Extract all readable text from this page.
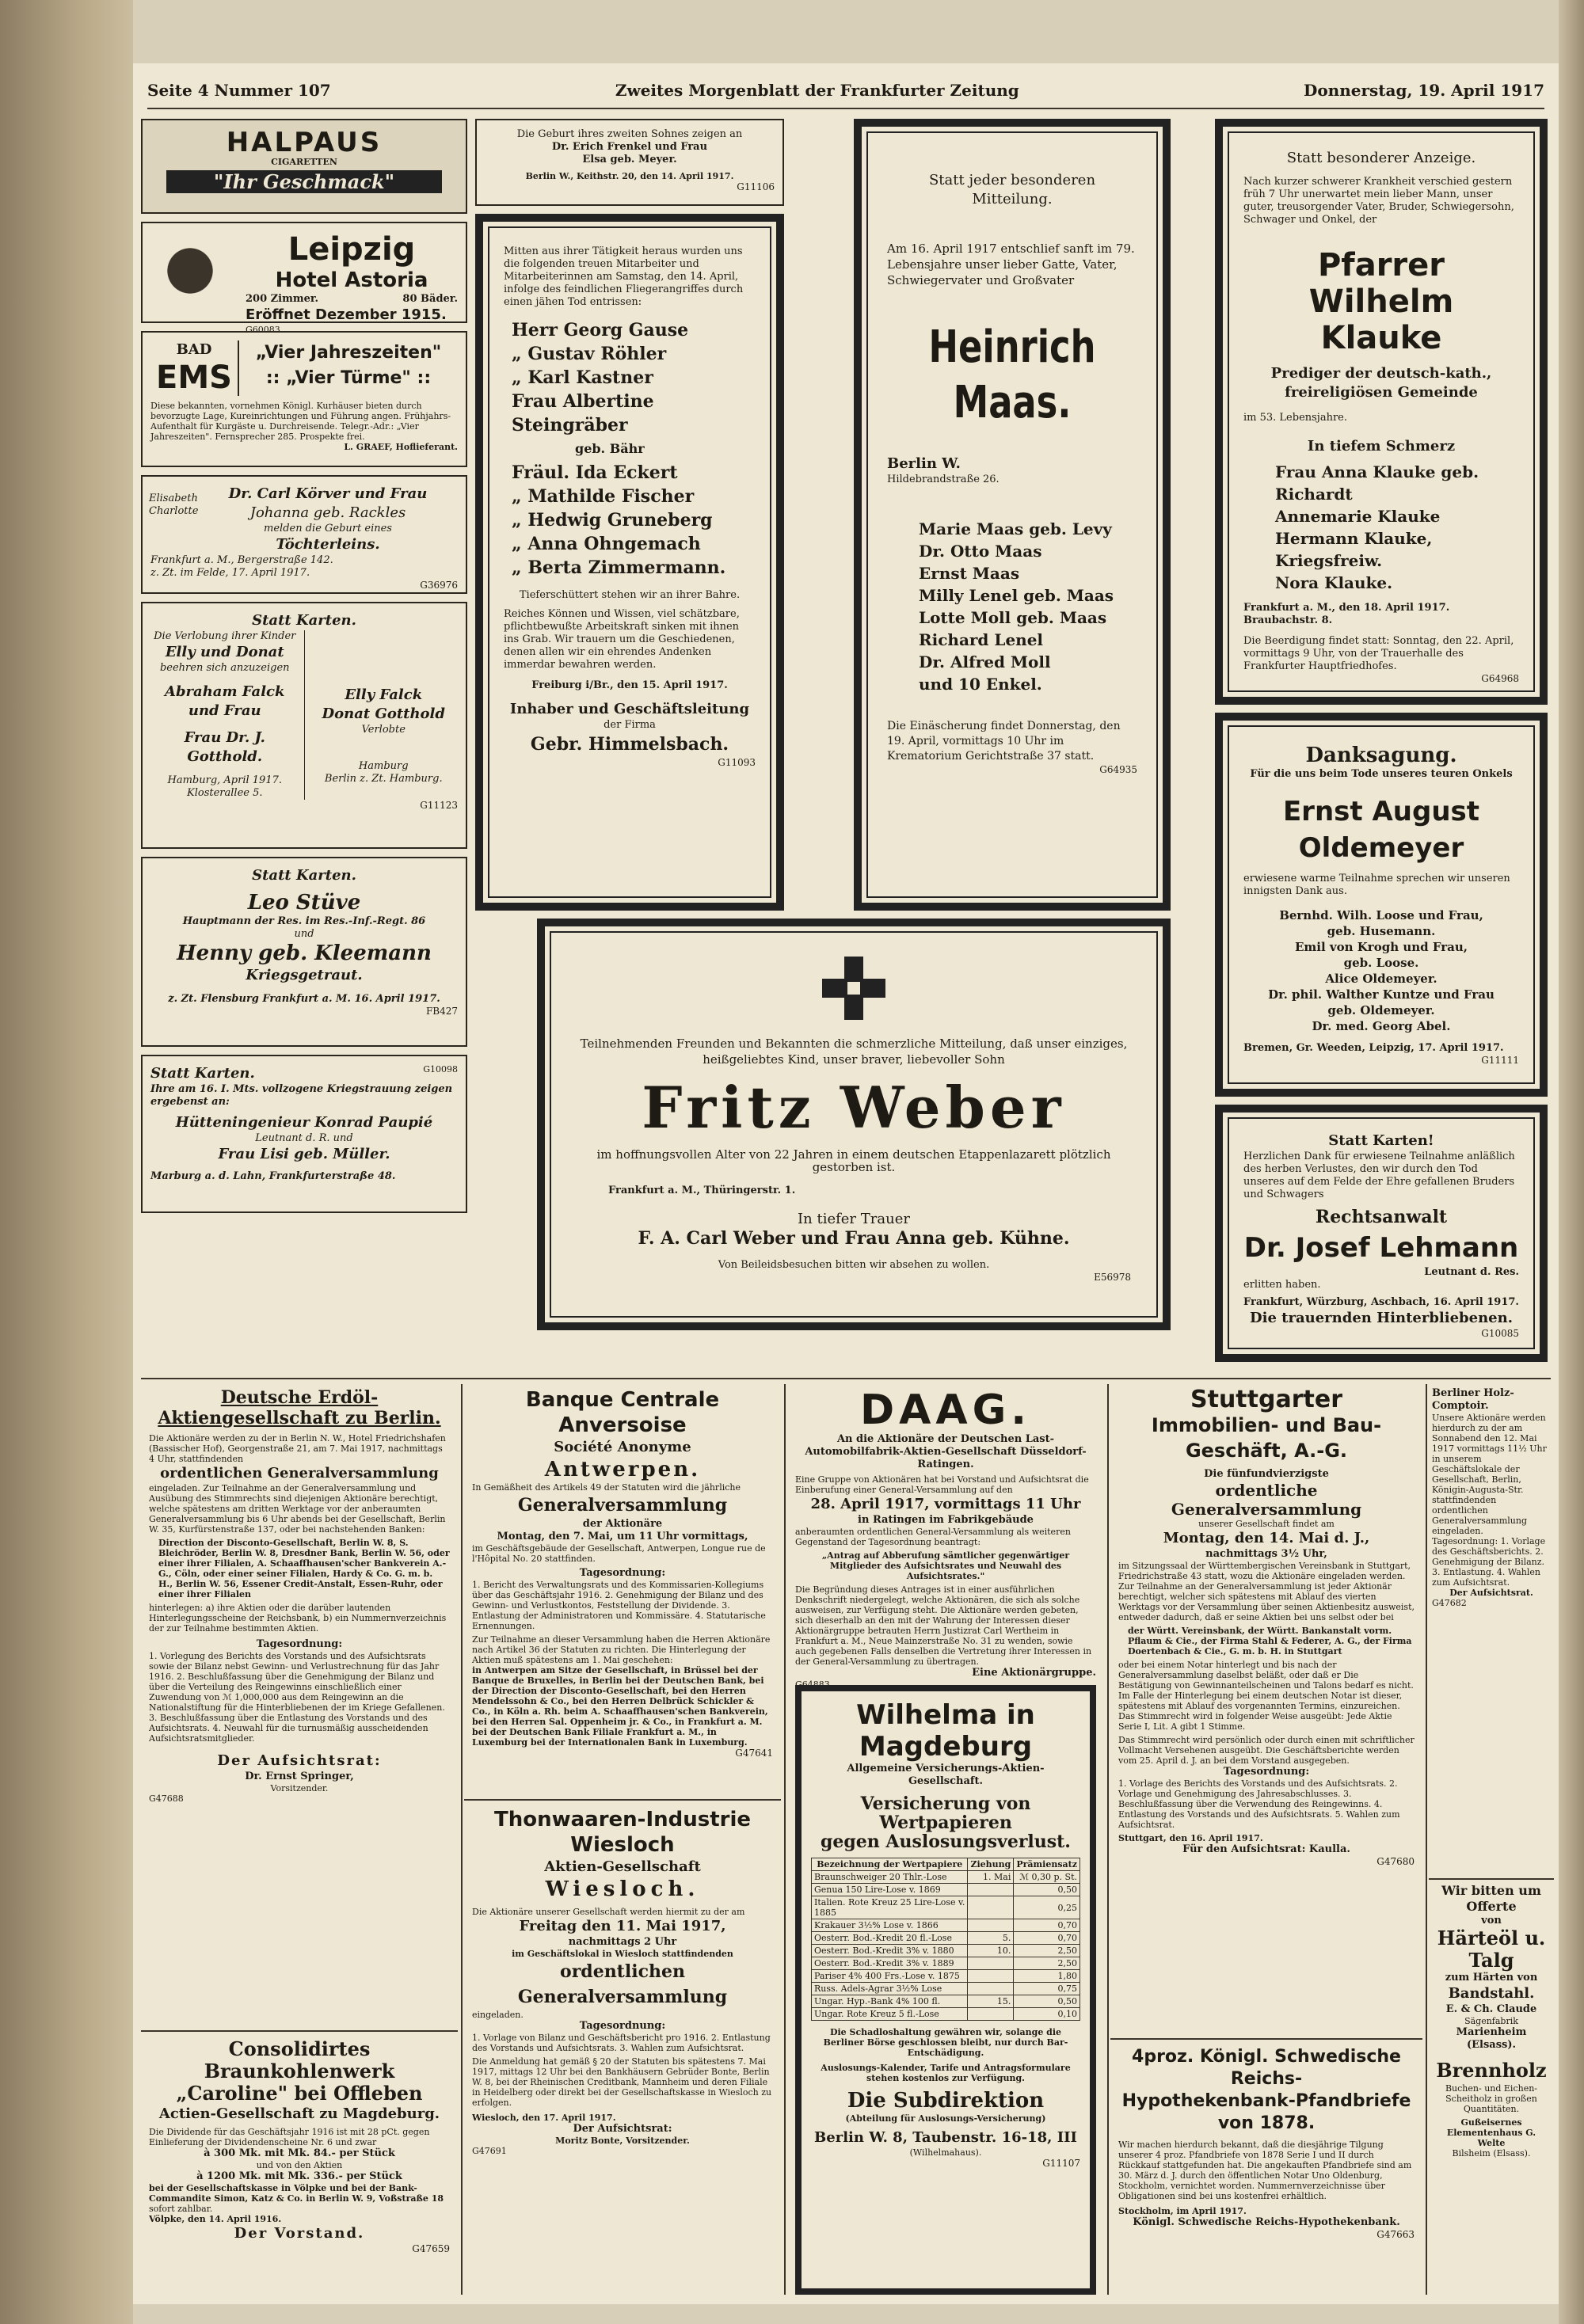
Seite 4 Nummer 107	Zweites Morgenblatt der Frankfurter Zeitung	Donnerstag, 19. April 1917
HALPAUS
CIGARETTEN
"Ihr Geschmack"
Leipzig
Hotel Astoria
200 Zimmer.	80 Bäder.
Eröffnet Dezember 1915.
G60083
BAD
EMS
„Vier Jahreszeiten"
:: „Vier Türme" ::
Diese bekannten, vornehmen Königl. Kurhäuser bieten durch bevorzugte Lage, Kureinrichtungen und Führung angen. Frühjahrs-Aufenthalt für Kurgäste u. Durchreisende. Telegr.-Adr.: „Vier Jahreszeiten". Fernsprecher 285. Prospekte frei.
L. GRAEF, Hoflieferant.
Elisabeth Charlotte
Dr. Carl Körver und Frau
Johanna geb. Rackles
melden die Geburt eines
Töchterleins.
Frankfurt a. M., Bergerstraße 142.
z. Zt. im Felde, 17. April 1917.
G36976
Statt Karten.
Die Verlobung ihrer Kinder
Elly und Donat
beehren sich anzuzeigen
Abraham Falck und Frau
Frau Dr. J. Gotthold.
Hamburg, April 1917. Klosterallee 5.
Elly Falck
Donat Gotthold
Verlobte
Hamburg
Berlin z. Zt. Hamburg.
G11123
Statt Karten.
Leo Stüve
Hauptmann der Res. im Res.-Inf.-Regt. 86
und
Henny geb. Kleemann
Kriegsgetraut.
z. Zt. Flensburg Frankfurt a. M. 16. April 1917.
FB427
Statt Karten.	G10098
Ihre am 16. I. Mts. vollzogene Kriegstrauung zeigen ergebenst an:
Hütteningenieur Konrad Paupié
Leutnant d. R. und
Frau Lisi geb. Müller.
Marburg a. d. Lahn, Frankfurterstraße 48.
Die Geburt ihres zweiten Sohnes zeigen an
Dr. Erich Frenkel und Frau
Elsa geb. Meyer.
Berlin W., Keithstr. 20, den 14. April 1917.
G11106
Mitten aus ihrer Tätigkeit heraus wurden uns die folgenden treuen Mitarbeiter und Mitarbeiterinnen am Samstag, den 14. April, infolge des feindlichen Fliegerangriffes durch einen jähen Tod entrissen:
Herr Georg Gause
„ Gustav Röhler
„ Karl Kastner
Frau Albertine Steingräber
geb. Bähr
Fräul. Ida Eckert
„ Mathilde Fischer
„ Hedwig Gruneberg
„ Anna Ohngemach
„ Berta Zimmermann.
Tieferschüttert stehen wir an ihrer Bahre.
Reiches Können und Wissen, viel schätzbare, pflichtbewußte Arbeitskraft sinken mit ihnen ins Grab. Wir trauern um die Geschiedenen, denen allen wir ein ehrendes Andenken immerdar bewahren werden.
Freiburg i/Br., den 15. April 1917.
Inhaber und Geschäftsleitung
der Firma
Gebr. Himmelsbach.
G11093
Statt jeder besonderen Mitteilung.
Am 16. April 1917 entschlief sanft im 79. Lebensjahre unser lieber Gatte, Vater, Schwiegervater und Großvater
Heinrich Maas.
Berlin W.
Hildebrandstraße 26.
Marie Maas geb. Levy
Dr. Otto Maas
Ernst Maas
Milly Lenel geb. Maas
Lotte Moll geb. Maas
Richard Lenel
Dr. Alfred Moll
und 10 Enkel.
Die Einäscherung findet Donnerstag, den 19. April, vormittags 10 Uhr im Krematorium Gerichtstraße 37 statt.
G64935
Statt besonderer Anzeige.
Nach kurzer schwerer Krankheit verschied gestern früh 7 Uhr unerwartet mein lieber Mann, unser guter, treusorgender Vater, Bruder, Schwiegersohn, Schwager und Onkel, der
Pfarrer Wilhelm Klauke
Prediger der deutsch-kath., freireligiösen Gemeinde
im 53. Lebensjahre.
In tiefem Schmerz
Frau Anna Klauke geb. Richardt
Annemarie Klauke
Hermann Klauke, Kriegsfreiw.
Nora Klauke.
Frankfurt a. M., den 18. April 1917.
Braubachstr. 8.
Die Beerdigung findet statt: Sonntag, den 22. April, vormittags 9 Uhr, von der Trauerhalle des Frankfurter Hauptfriedhofes.
G64968
Danksagung.
Für die uns beim Tode unseres teuren Onkels
Ernst August Oldemeyer
erwiesene warme Teilnahme sprechen wir unseren innigsten Dank aus.
Bernhd. Wilh. Loose und Frau,
geb. Husemann.
Emil von Krogh und Frau,
geb. Loose.
Alice Oldemeyer.
Dr. phil. Walther Kuntze und Frau
geb. Oldemeyer.
Dr. med. Georg Abel.
Bremen, Gr. Weeden, Leipzig, 17. April 1917.
G11111
Statt Karten!
Herzlichen Dank für erwiesene Teilnahme anläßlich des herben Verlustes, den wir durch den Tod unseres auf dem Felde der Ehre gefallenen Bruders und Schwagers
Rechtsanwalt
Dr. Josef Lehmann
Leutnant d. Res.
erlitten haben.
Frankfurt, Würzburg, Aschbach, 16. April 1917.
Die trauernden Hinterbliebenen.
G10085
Teilnehmenden Freunden und Bekannten die schmerzliche Mitteilung, daß unser einziges, heißgeliebtes Kind, unser braver, liebevoller Sohn
Fritz Weber
im hoffnungsvollen Alter von 22 Jahren in einem deutschen Etappenlazarett plötzlich gestorben ist.
Frankfurt a. M., Thüringerstr. 1.
In tiefer Trauer
F. A. Carl Weber und Frau Anna geb. Kühne.
Von Beileidsbesuchen bitten wir absehen zu wollen.
E56978
Deutsche Erdöl-Aktiengesellschaft zu Berlin.
Die Aktionäre werden zu der in Berlin N. W., Hotel Friedrichshafen (Bassischer Hof), Georgenstraße 21, am 7. Mai 1917, nachmittags 4 Uhr, stattfindenden
ordentlichen Generalversammlung
eingeladen. Zur Teilnahme an der Generalversammlung und Ausübung des Stimmrechts sind diejenigen Aktionäre berechtigt, welche spätestens am dritten Werktage vor der anberaumten Generalversammlung bis 6 Uhr abends bei der Gesellschaft, Berlin W. 35, Kurfürstenstraße 137, oder bei nachstehenden Banken:
Direction der Disconto-Gesellschaft, Berlin W. 8, S. Bleichröder, Berlin W. 8, Dresdner Bank, Berlin W. 56, oder einer ihrer Filialen, A. Schaaffhausen'scher Bankverein A.-G., Cöln, oder einer seiner Filialen, Hardy & Co. G. m. b. H., Berlin W. 56, Essener Credit-Anstalt, Essen-Ruhr, oder einer ihrer Filialen
hinterlegen: a) ihre Aktien oder die darüber lautenden Hinterlegungsscheine der Reichsbank, b) ein Nummernverzeichnis der zur Teilnahme bestimmten Aktien.
Tagesordnung:
1. Vorlegung des Berichts des Vorstands und des Aufsichtsrats sowie der Bilanz nebst Gewinn- und Verlustrechnung für das Jahr 1916. 2. Beschlußfassung über die Genehmigung der Bilanz und über die Verteilung des Reingewinns einschließlich einer Zuwendung von ℳ 1,000,000 aus dem Reingewinn an die Nationalstiftung für die Hinterbliebenen der im Kriege Gefallenen. 3. Beschlußfassung über die Entlastung des Vorstands und des Aufsichtsrats. 4. Neuwahl für die turnusmäßig ausscheidenden Aufsichtsratsmitglieder.
Der Aufsichtsrat:
Dr. Ernst Springer,
Vorsitzender.
G47688
Consolidirtes Braunkohlenwerk
„Caroline" bei Offleben
Actien-Gesellschaft zu Magdeburg.
Die Dividende für das Geschäftsjahr 1916 ist mit 28 pCt. gegen Einlieferung der Dividendenscheine Nr. 6 und zwar
à 300 Mk. mit Mk. 84.- per Stück
und von den Aktien
à 1200 Mk. mit Mk. 336.- per Stück
bei der Gesellschaftskasse in Völpke und bei der Bank-Commandite Simon, Katz & Co. in Berlin W. 9, Voßstraße 18
sofort zahlbar.
Völpke, den 14. April 1916.
Der Vorstand.
G47659
Banque Centrale Anversoise
Société Anonyme
Antwerpen.
In Gemäßheit des Artikels 49 der Statuten wird die jährliche
Generalversammlung
der Aktionäre
Montag, den 7. Mai, um 11 Uhr vormittags,
im Geschäftsgebäude der Gesellschaft, Antwerpen, Longue rue de l'Hôpital No. 20 stattfinden.
Tagesordnung:
1. Bericht des Verwaltungsrats und des Kommissarien-Kollegiums über das Geschäftsjahr 1916. 2. Genehmigung der Bilanz und des Gewinn- und Verlustkontos, Feststellung der Dividende. 3. Entlastung der Administratoren und Kommissäre. 4. Statutarische Ernennungen.
Zur Teilnahme an dieser Versammlung haben die Herren Aktionäre nach Artikel 36 der Statuten zu richten. Die Hinterlegung der Aktien muß spätestens am 1. Mai geschehen:
in Antwerpen am Sitze der Gesellschaft, in Brüssel bei der Banque de Bruxelles, in Berlin bei der Deutschen Bank, bei der Direction der Disconto-Gesellschaft, bei den Herren Mendelssohn & Co., bei den Herren Delbrück Schickler & Co., in Köln a. Rh. beim A. Schaaffhausen'schen Bankverein, bei den Herren Sal. Oppenheim jr. & Co., in Frankfurt a. M. bei der Deutschen Bank Filiale Frankfurt a. M., in Luxemburg bei der Internationalen Bank in Luxemburg.
G47641
Thonwaaren-Industrie Wiesloch
Aktien-Gesellschaft
Wiesloch.
Die Aktionäre unserer Gesellschaft werden hiermit zu der am
Freitag den 11. Mai 1917,
nachmittags 2 Uhr
im Geschäftslokal in Wiesloch stattfindenden
ordentlichen Generalversammlung
eingeladen.
Tagesordnung:
1. Vorlage von Bilanz und Geschäftsbericht pro 1916. 2. Entlastung des Vorstands und Aufsichtsrats. 3. Wahlen zum Aufsichtsrat.
Die Anmeldung hat gemäß § 20 der Statuten bis spätestens 7. Mai 1917, mittags 12 Uhr bei den Bankhäusern Gebrüder Bonte, Berlin W. 8, bei der Rheinischen Creditbank, Mannheim und deren Filiale in Heidelberg oder direkt bei der Gesellschaftskasse in Wiesloch zu erfolgen.
Wiesloch, den 17. April 1917.
Der Aufsichtsrat:
Moritz Bonte, Vorsitzender.
G47691
DAAG.
An die Aktionäre der Deutschen Last-Automobilfabrik-Aktien-Gesellschaft Düsseldorf-Ratingen.
Eine Gruppe von Aktionären hat bei Vorstand und Aufsichtsrat die Einberufung einer General-Versammlung auf den
28. April 1917, vormittags 11 Uhr
in Ratingen im Fabrikgebäude
anberaumten ordentlichen General-Versammlung als weiteren Gegenstand der Tagesordnung beantragt:
„Antrag auf Abberufung sämtlicher gegenwärtiger Mitglieder des Aufsichtsrates und Neuwahl des Aufsichtsrates."
Die Begründung dieses Antrages ist in einer ausführlichen Denkschrift niedergelegt, welche Aktionären, die sich als solche ausweisen, zur Verfügung steht. Die Aktionäre werden gebeten, sich dieserhalb an den mit der Wahrung der Interessen dieser Aktionärgruppe betrauten Herrn Justizrat Carl Wertheim in Frankfurt a. M., Neue Mainzerstraße No. 31 zu wenden, sowie auch gegebenen Falls denselben die Vertretung ihrer Interessen in der General-Versammlung zu übertragen.
Eine Aktionärgruppe.
G64883
Wilhelma in Magdeburg
Allgemeine Versicherungs-Aktien-Gesellschaft.
Versicherung von Wertpapieren
gegen Auslosungsverlust.
Bezeichnung der Wertpapiere	Ziehung	Prämiensatz
Braunschweiger 20 Thlr.-Lose	1. Mai	ℳ 0,30 p. St.
Genua 150 Lire-Lose v. 1869		0,50
Italien. Rote Kreuz 25 Lire-Lose v. 1885		0,25
Krakauer 3½% Lose v. 1866		0,70
Oesterr. Bod.-Kredit 20 fl.-Lose	5.	0,70
Oesterr. Bod.-Kredit 3% v. 1880	10.	2,50
Oesterr. Bod.-Kredit 3% v. 1889		2,50
Pariser 4% 400 Frs.-Lose v. 1875		1,80
Russ. Adels-Agrar 3½% Lose		0,75
Ungar. Hyp.-Bank 4% 100 fl.	15.	0,50
Ungar. Rote Kreuz 5 fl.-Lose		0,10
Die Schadloshaltung gewähren wir, solange die Berliner Börse geschlossen bleibt, nur durch Bar-Entschädigung.
Auslosungs-Kalender, Tarife und Antragsformulare stehen kostenlos zur Verfügung.
Die Subdirektion
(Abteilung für Auslosungs-Versicherung)
Berlin W. 8, Taubenstr. 16-18, III
(Wilhelmahaus).
G11107
Stuttgarter
Immobilien- und Bau-Geschäft, A.-G.
Die fünfundvierzigste
ordentliche Generalversammlung
unserer Gesellschaft findet am
Montag, den 14. Mai d. J.,
nachmittags 3½ Uhr,
im Sitzungssaal der Württembergischen Vereinsbank in Stuttgart, Friedrichstraße 43 statt, wozu die Aktionäre eingeladen werden. Zur Teilnahme an der Generalversammlung ist jeder Aktionär berechtigt, welcher sich spätestens mit Ablauf des vierten Werktags vor der Versammlung über seinen Aktienbesitz ausweist, entweder dadurch, daß er seine Aktien bei uns selbst oder bei
der Württ. Vereinsbank, der Württ. Bankanstalt vorm. Pflaum & Cie., der Firma Stahl & Federer, A. G., der Firma Doertenbach & Cie., G. m. b. H. in Stuttgart
oder bei einem Notar hinterlegt und bis nach der Generalversammlung daselbst beläßt, oder daß er Die Bestätigung von Gewinnanteilscheinen und Talons bedarf es nicht. Im Falle der Hinterlegung bei einem deutschen Notar ist dieser, spätestens mit Ablauf des vorgenannten Termins, einzureichen. Das Stimmrecht wird in folgender Weise ausgeübt: Jede Aktie Serie I, Lit. A gibt 1 Stimme.
Das Stimmrecht wird persönlich oder durch einen mit schriftlicher Vollmacht Versehenen ausgeübt. Die Geschäftsberichte werden vom 25. April d. J. an bei dem Vorstand ausgegeben.
Tagesordnung:
1. Vorlage des Berichts des Vorstands und des Aufsichtsrats. 2. Vorlage und Genehmigung des Jahresabschlusses. 3. Beschlußfassung über die Verwendung des Reingewinns. 4. Entlastung des Vorstands und des Aufsichtsrats. 5. Wahlen zum Aufsichtsrat.
Stuttgart, den 16. April 1917.
Für den Aufsichtsrat: Kaulla.
G47680
4proz. Königl. Schwedische Reichs-
Hypothekenbank-Pfandbriefe von 1878.
Wir machen hierdurch bekannt, daß die diesjährige Tilgung unserer 4 proz. Pfandbriefe von 1878 Serie I und II durch Rückkauf stattgefunden hat. Die angekauften Pfandbriefe sind am 30. März d. J. durch den öffentlichen Notar Uno Oldenburg, Stockholm, vernichtet worden. Nummernverzeichnisse über Obligationen sind bei uns kostenfrei erhältlich.
Stockholm, im April 1917.
Königl. Schwedische Reichs-Hypothekenbank.
G47663
Berliner Holz-Comptoir.
Unsere Aktionäre werden hierdurch zu der am Sonnabend den 12. Mai 1917 vormittags 11½ Uhr in unserem Geschäftslokale der Gesellschaft, Berlin, Königin-Augusta-Str. stattfindenden ordentlichen Generalversammlung eingeladen. Tagesordnung: 1. Vorlage des Geschäftsberichts. 2. Genehmigung der Bilanz. 3. Entlastung. 4. Wahlen zum Aufsichtsrat.
Der Aufsichtsrat.
G47682
Wir bitten um Offerte
von
Härteöl u. Talg
zum Härten von
Bandstahl.
E. & Ch. Claude
Sägenfabrik
Marienheim (Elsass).
Brennholz
Buchen- und Eichen-Scheitholz in großen Quantitäten.
Gußeisernes Elementenhaus G. Welte
Bilsheim (Elsass).
